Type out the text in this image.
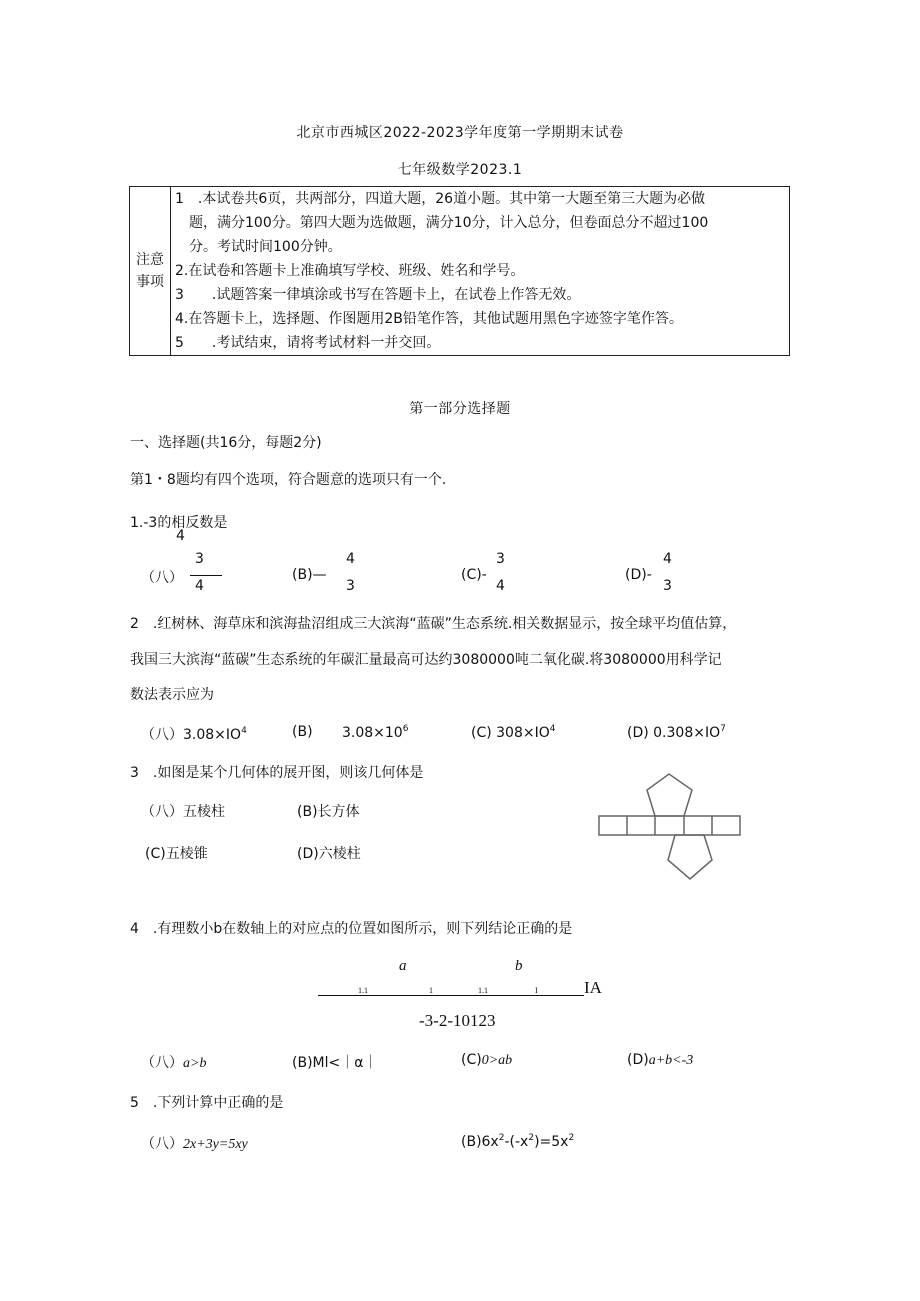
北京市西城区2022-2023学年度第一学期期末试卷
七年级数学2023.1
注意
事项

1　.本试卷共6页，共两部分，四道大题，26道小题。其中第一大题至第三大题为必做
　题，满分100分。第四大题为选做题，满分10分，计入总分，但卷面总分不超过100
　分。考试时间100分钟。
2.在试卷和答题卡上准确填写学校、班级、姓名和学号。
3　　.试题答案一律填涂或书写在答题卡上，在试卷上作答无效。
4.在答题卡上，选择题、作图题用2B铅笔作答，其他试题用黑色字迹签字笔作答。
5　　.考试结束，请将考试材料一并交回。
第一部分选择题
一、选择题(共16分，每题2分)
第1・8题均有四个选项，符合题意的选项只有一个.
1.-3的相反数是
4
（八）
3
4
(B)—
4
3
(C)-
3
4
(D)-
4
3
2　.红树林、海草床和滨海盐沼组成三大滨海“蓝碳”生态系统.相关数据显示，按全球平均值估算，
我国三大滨海“蓝碳”生态系统的年碳汇量最高可达约3080000吨二氧化碳.将3080000用科学记
数法表示应为
（八）$3.08\times IO^4$	(B) $3.08\times 10^6$	(C) $308\times IO^4$	(D) $0.308\times IO^7$
3　.如图是某个几何体的展开图，则该几何体是
（八）五棱柱	(B)长方体
(C)五棱锥	(D)六棱柱
4　.有理数小b在数轴上的对应点的位置如图所示，则下列结论正确的是
a	b
1.1	1	1.1	I	IA
-3-2-10123
（八）a>b	(B)Ml<｜α｜	(C)0>ab	(D)a+b<-3
5　.下列计算中正确的是
（八）2x+3y=5xy	$(B)6x^2-(-x^2)=5x^2$
